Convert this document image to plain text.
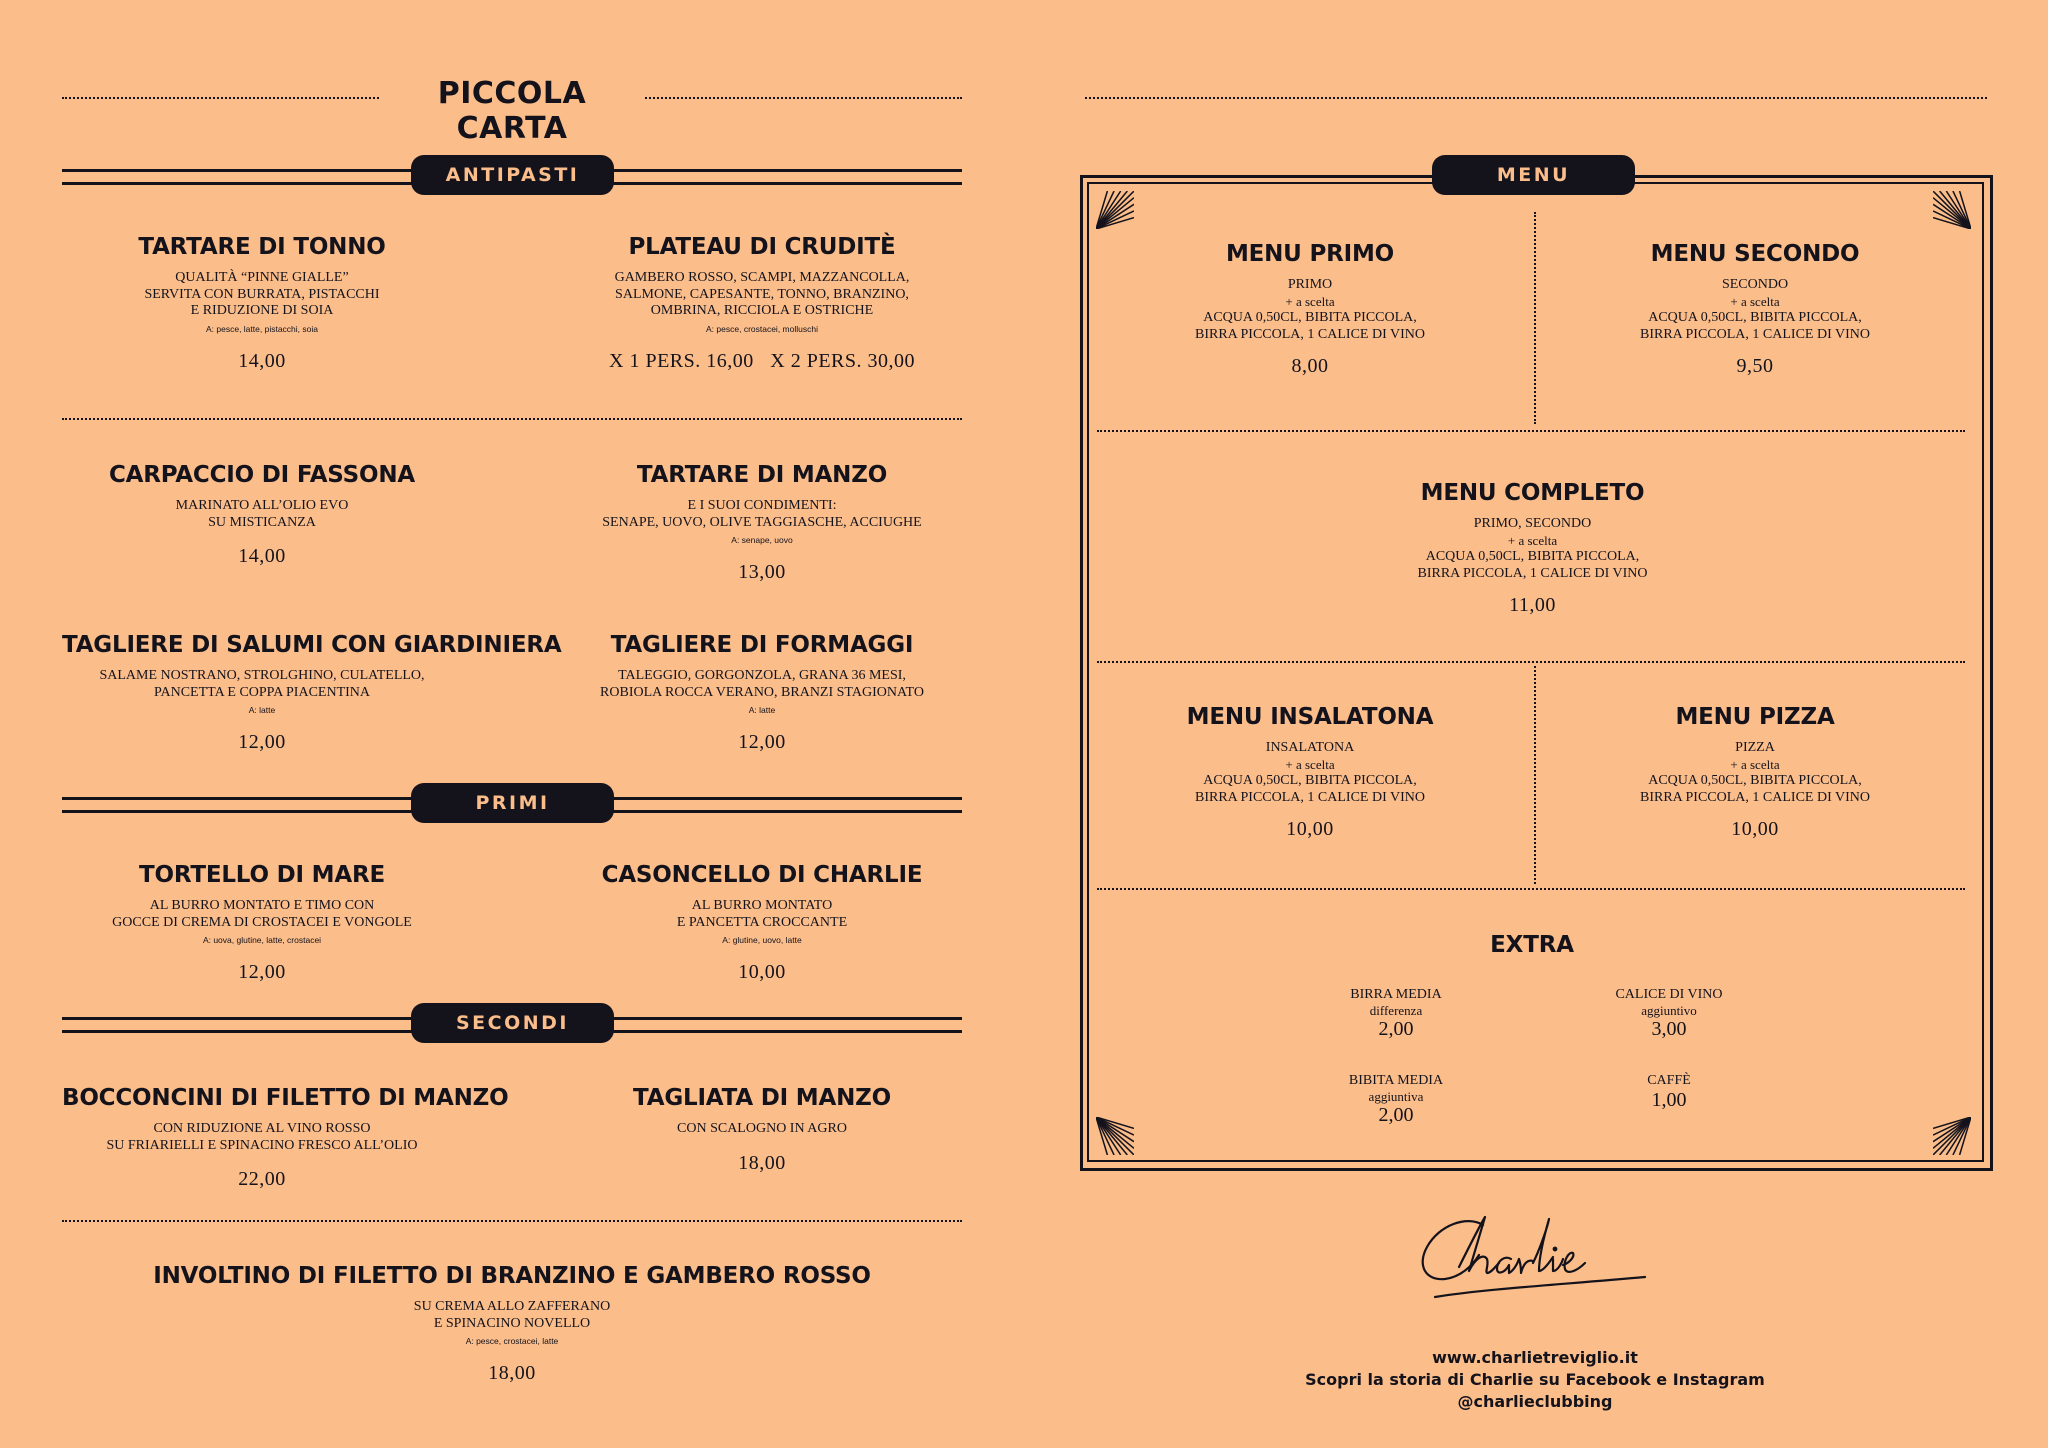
PICCOLA CARTA
ANTIPASTI
TARTARE DI TONNO
QUALITÀ “PINNE GIALLE”
SERVITA CON BURRATA, PISTACCHI
E RIDUZIONE DI SOIA
A: pesce, latte, pistacchi, soia
14,00
PLATEAU DI CRUDITÈ
GAMBERO ROSSO, SCAMPI, MAZZANCOLLA,
SALMONE, CAPESANTE, TONNO, BRANZINO,
OMBRINA, RICCIOLA E OSTRICHE
A: pesce, crostacei, molluschi
X 1 PERS. 16,00   X 2 PERS. 30,00
CARPACCIO DI FASSONA
MARINATO ALL’OLIO EVO
SU MISTICANZA
14,00
TARTARE DI MANZO
E I SUOI CONDIMENTI:
SENAPE, UOVO, OLIVE TAGGIASCHE, ACCIUGHE
A: senape, uovo
13,00
TAGLIERE DI SALUMI CON GIARDINIERA
SALAME NOSTRANO, STROLGHINO, CULATELLO,
PANCETTA E COPPA PIACENTINA
A: latte
12,00
TAGLIERE DI FORMAGGI
TALEGGIO, GORGONZOLA, GRANA 36 MESI,
ROBIOLA ROCCA VERANO, BRANZI STAGIONATO
A: latte
12,00
PRIMI
TORTELLO DI MARE
AL BURRO MONTATO E TIMO CON
GOCCE DI CREMA DI CROSTACEI E VONGOLE
A: uova, glutine, latte, crostacei
12,00
CASONCELLO DI CHARLIE
AL BURRO MONTATO
E PANCETTA CROCCANTE
A: glutine, uovo, latte
10,00
SECONDI
BOCCONCINI DI FILETTO DI MANZO
CON RIDUZIONE AL VINO ROSSO
SU FRIARIELLI E SPINACINO FRESCO ALL’OLIO
22,00
TAGLIATA DI MANZO
CON SCALOGNO IN AGRO
18,00
INVOLTINO DI FILETTO DI BRANZINO E GAMBERO ROSSO
SU CREMA ALLO ZAFFERANO
E SPINACINO NOVELLO
A: pesce, crostacei, latte
18,00
MENU
MENU PRIMO
PRIMO
+ a scelta
ACQUA 0,50CL, BIBITA PICCOLA,
BIRRA PICCOLA, 1 CALICE DI VINO
8,00
MENU SECONDO
SECONDO
+ a scelta
ACQUA 0,50CL, BIBITA PICCOLA,
BIRRA PICCOLA, 1 CALICE DI VINO
9,50
MENU COMPLETO
PRIMO, SECONDO
+ a scelta
ACQUA 0,50CL, BIBITA PICCOLA,
BIRRA PICCOLA, 1 CALICE DI VINO
11,00
MENU INSALATONA
INSALATONA
+ a scelta
ACQUA 0,50CL, BIBITA PICCOLA,
BIRRA PICCOLA, 1 CALICE DI VINO
10,00
MENU PIZZA
PIZZA
+ a scelta
ACQUA 0,50CL, BIBITA PICCOLA,
BIRRA PICCOLA, 1 CALICE DI VINO
10,00
EXTRA
BIRRA MEDIA
differenza
2,00
CALICE DI VINO
aggiuntivo
3,00
BIBITA MEDIA
aggiuntiva
2,00
CAFFÈ
1,00
www.charlietreviglio.it
Scopri la storia di Charlie su Facebook e Instagram
@charlieclubbing
